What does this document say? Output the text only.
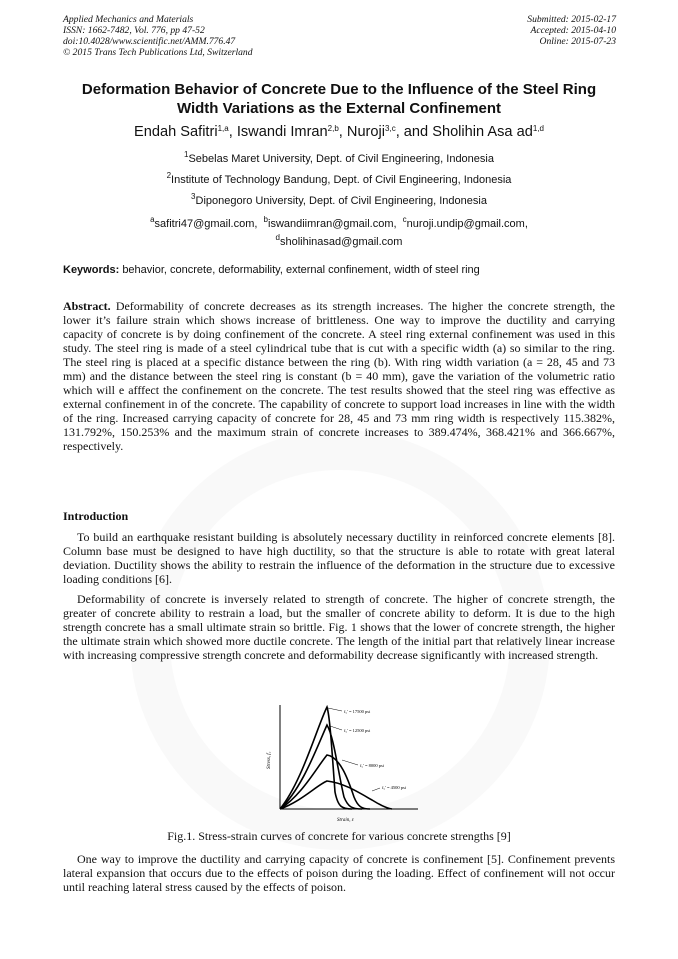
Applied Mechanics and Materials
ISSN: 1662-7482, Vol. 776, pp 47-52
doi:10.4028/www.scientific.net/AMM.776.47
© 2015 Trans Tech Publications Ltd, Switzerland
Submitted: 2015-02-17
Accepted: 2015-04-10
Online: 2015-07-23
Deformation Behavior of Concrete Due to the Influence of the Steel Ring
Width Variations as the External Confinement
Endah Safitri$^{1,a}$, Iswandi Imran$^{2,b}$, Nuroji$^{3,c}$, and Sholihin Asa ad$^{1,d}$
$^1$Sebelas Maret University, Dept. of Civil Engineering, Indonesia
$^2$Institute of Technology Bandung, Dept. of Civil Engineering, Indonesia
$^3$Diponegoro University, Dept. of Civil Engineering, Indonesia
$^a$safitri47@gmail.com, $^b$iswandiimran@gmail.com, $^c$nuroji.undip@gmail.com,
$^d$sholihinasad@gmail.com
Keywords: behavior, concrete, deformability, external confinement, width of steel ring
Abstract. Deformability of concrete decreases as its strength increases. The higher the concrete strength, the lower it’s failure strain which shows increase of brittleness. One way to improve the ductility and carrying capacity of concrete is by doing confinement of the concrete. A steel ring external confinement was used in this study. The steel ring is made of a steel cylindrical tube that is cut with a specific width (a) so similar to the ring. The steel ring is placed at a specific distance between the ring (b). With ring width variation (a = 28, 45 and 73 mm) and the distance between the steel ring is constant (b = 40 mm), gave the variation of the volumetric ratio which will e afffect the confinement on the concrete. The test results showed that the steel ring was effective as external confinement in of the concrete. The capability of concrete to support load increases in line with the width of the ring. Increased carrying capacity of concrete for 28, 45 and 73 mm ring width is respectively 115.382%, 131.792%, 150.253% and the maximum strain of concrete increases to 389.474%, 368.421% and 366.667%, respectively.
Introduction
To build an earthquake resistant building is absolutely necessary ductility in reinforced concrete elements [8]. Column base must be designed to have high ductility, so that the structure is able to rotate with great lateral deviation. Ductility shows the ability to restrain the influence of the deformation in the structure due to excessive loading conditions [6].
Deformability of concrete is inversely related to strength of concrete. The higher of concrete strength, the greater of concrete ability to restrain a load, but the smaller of concrete ability to deform. It is due to the high strength concrete has a small ultimate strain so brittle. Fig. 1 shows that the lower of concrete strength, the higher the ultimate strain which showed more ductile concrete. The length of the initial part that relatively linear increase with increasing compressive strength concrete and deformability decrease significantly with increased strength.
Stress, f꜀
Strain, ε
f꜀' = 17500 psi
f꜀' = 12500 psi
f꜀' = 8000 psi
f꜀' = 4500 psi
Fig.1. Stress-strain curves of concrete for various concrete strengths [9]
One way to improve the ductility and carrying capacity of concrete is confinement [5]. Confinement prevents lateral expansion that occurs due to the effects of poison during the loading. Effect of confinement will not occur until reaching lateral stress caused by the effects of poison.
